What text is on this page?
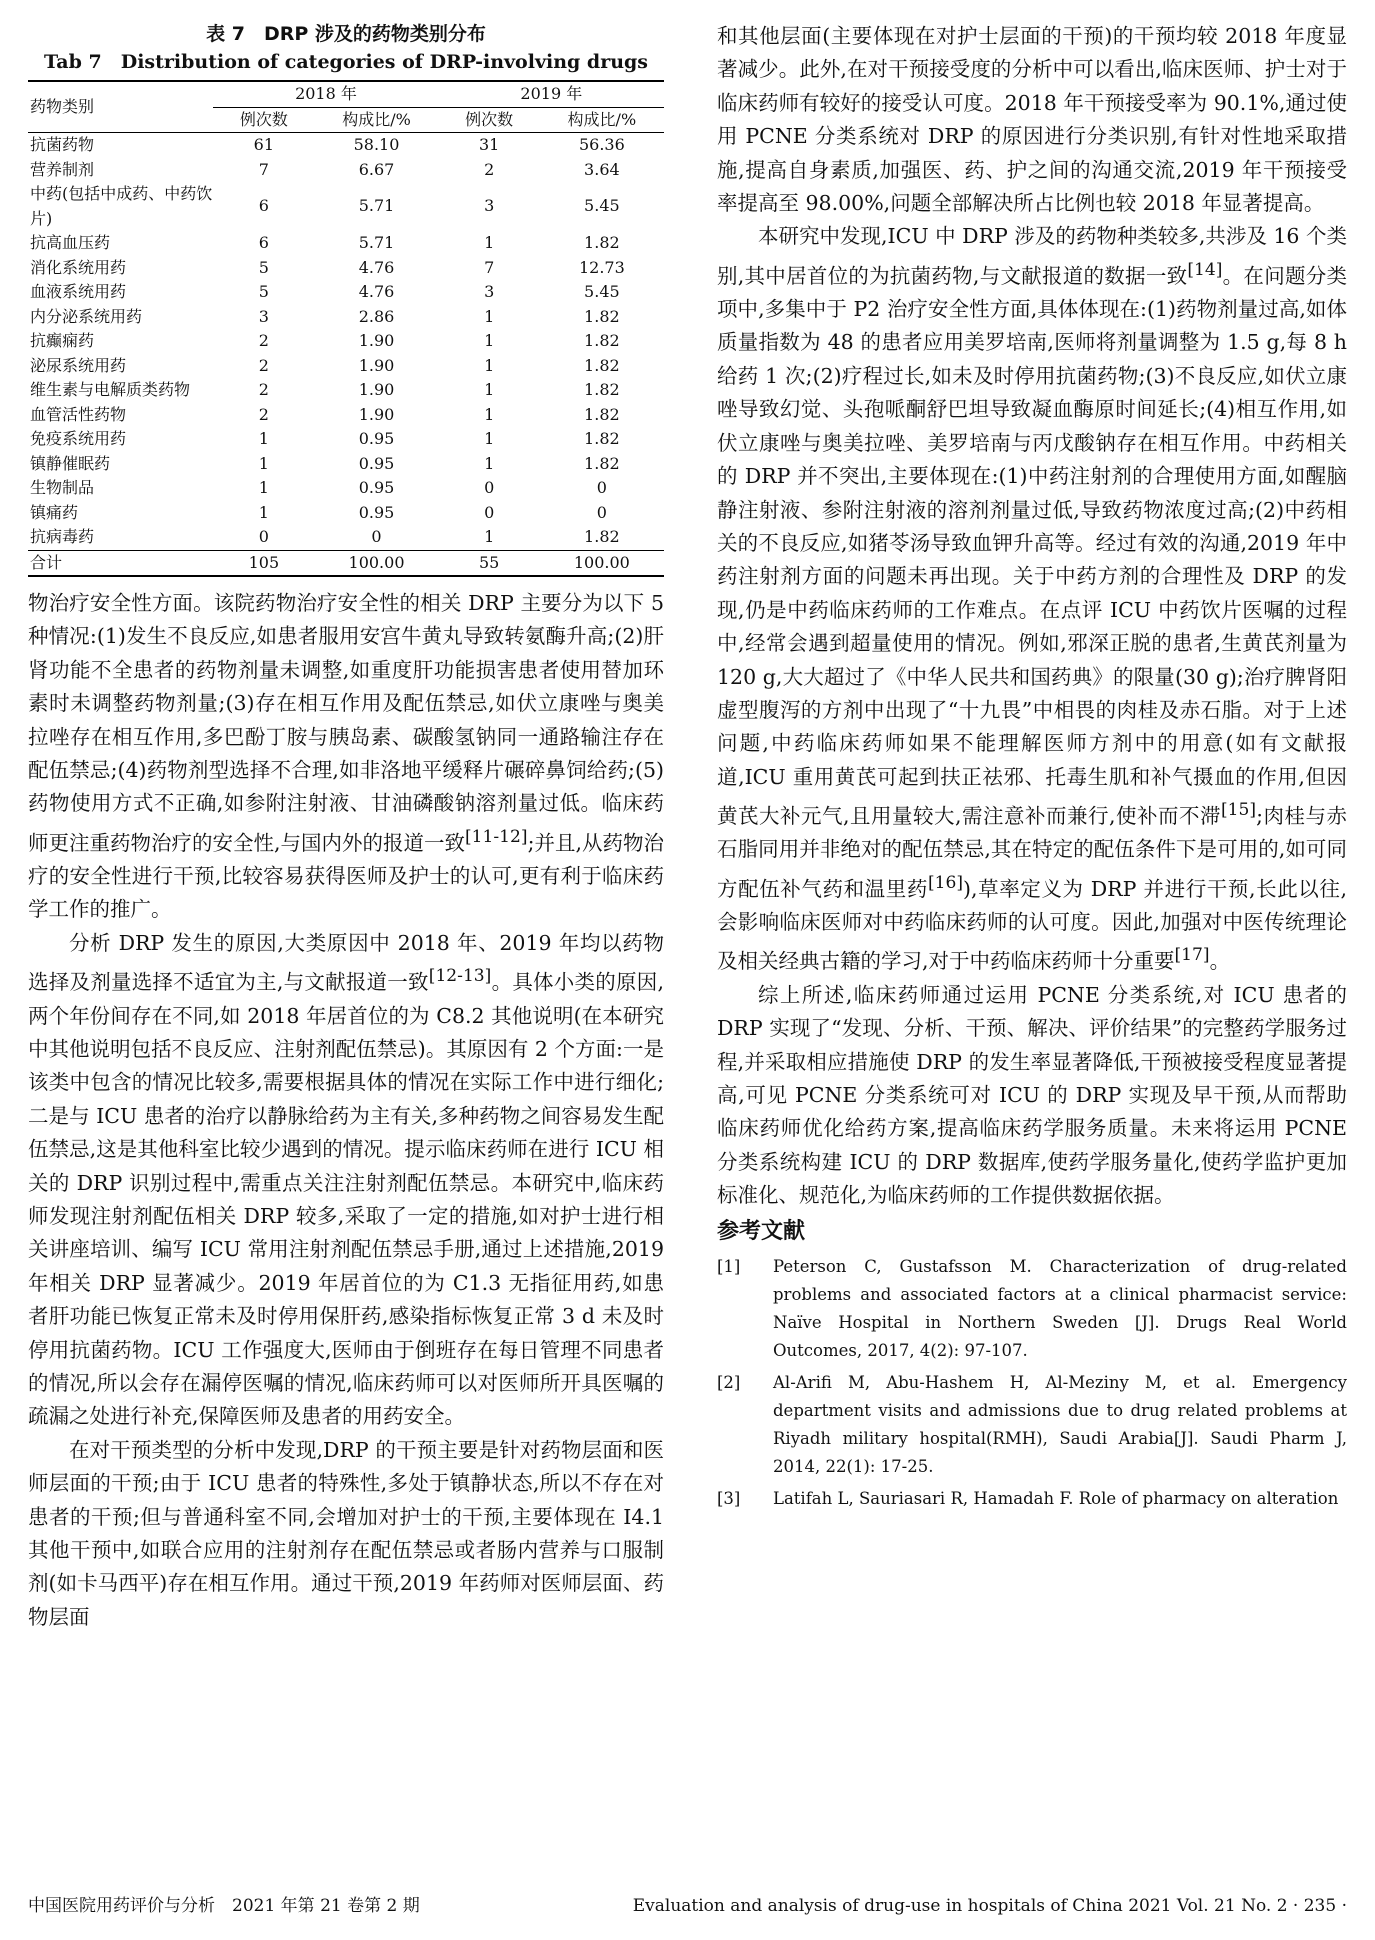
表 7　DRP 涉及的药物类别分布
Tab 7　Distribution of categories of DRP-involving drugs
药物类别	2018 年		2019 年	
	例次数	构成比/%	例次数	构成比/%
抗菌药物	61	58.10	31	56.36
营养制剂	7	6.67	2	3.64
中药(包括中成药、中药饮片)	6	5.71	3	5.45
抗高血压药	6	5.71	1	1.82
消化系统用药	5	4.76	7	12.73
血液系统用药	5	4.76	3	5.45
内分泌系统用药	3	2.86	1	1.82
抗癫痫药	2	1.90	1	1.82
泌尿系统用药	2	1.90	1	1.82
维生素与电解质类药物	2	1.90	1	1.82
血管活性药物	2	1.90	1	1.82
免疫系统用药	1	0.95	1	1.82
镇静催眠药	1	0.95	1	1.82
生物制品	1	0.95	0	0
镇痛药	1	0.95	0	0
抗病毒药	0	0	1	1.82
合计	105	100.00	55	100.00

物治疗安全性方面。该院药物治疗安全性的相关 DRP 主要分为以下 5 种情况:(1)发生不良反应,如患者服用安宫牛黄丸导致转氨酶升高;(2)肝肾功能不全患者的药物剂量未调整,如重度肝功能损害患者使用替加环素时未调整药物剂量;(3)存在相互作用及配伍禁忌,如伏立康唑与奥美拉唑存在相互作用,多巴酚丁胺与胰岛素、碳酸氢钠同一通路输注存在配伍禁忌;(4)药物剂型选择不合理,如非洛地平缓释片碾碎鼻饲给药;(5)药物使用方式不正确,如参附注射液、甘油磷酸钠溶剂量过低。临床药师更注重药物治疗的安全性,与国内外的报道一致[11-12];并且,从药物治疗的安全性进行干预,比较容易获得医师及护士的认可,更有利于临床药学工作的推广。

分析 DRP 发生的原因,大类原因中 2018 年、2019 年均以药物选择及剂量选择不适宜为主,与文献报道一致[12-13]。具体小类的原因,两个年份间存在不同,如 2018 年居首位的为 C8.2 其他说明(在本研究中其他说明包括不良反应、注射剂配伍禁忌)。其原因有 2 个方面:一是该类中包含的情况比较多,需要根据具体的情况在实际工作中进行细化;二是与 ICU 患者的治疗以静脉给药为主有关,多种药物之间容易发生配伍禁忌,这是其他科室比较少遇到的情况。提示临床药师在进行 ICU 相关的 DRP 识别过程中,需重点关注注射剂配伍禁忌。本研究中,临床药师发现注射剂配伍相关 DRP 较多,采取了一定的措施,如对护士进行相关讲座培训、编写 ICU 常用注射剂配伍禁忌手册,通过上述措施,2019 年相关 DRP 显著减少。2019 年居首位的为 C1.3 无指征用药,如患者肝功能已恢复正常未及时停用保肝药,感染指标恢复正常 3 d 未及时停用抗菌药物。ICU 工作强度大,医师由于倒班存在每日管理不同患者的情况,所以会存在漏停医嘱的情况,临床药师可以对医师所开具医嘱的疏漏之处进行补充,保障医师及患者的用药安全。

在对干预类型的分析中发现,DRP 的干预主要是针对药物层面和医师层面的干预;由于 ICU 患者的特殊性,多处于镇静状态,所以不存在对患者的干预;但与普通科室不同,会增加对护士的干预,主要体现在 I4.1 其他干预中,如联合应用的注射剂存在配伍禁忌或者肠内营养与口服制剂(如卡马西平)存在相互作用。通过干预,2019 年药师对医师层面、药物层面

和其他层面(主要体现在对护士层面的干预)的干预均较 2018 年度显著减少。此外,在对干预接受度的分析中可以看出,临床医师、护士对于临床药师有较好的接受认可度。2018 年干预接受率为 90.1%,通过使用 PCNE 分类系统对 DRP 的原因进行分类识别,有针对性地采取措施,提高自身素质,加强医、药、护之间的沟通交流,2019 年干预接受率提高至 98.00%,问题全部解决所占比例也较 2018 年显著提高。

本研究中发现,ICU 中 DRP 涉及的药物种类较多,共涉及 16 个类别,其中居首位的为抗菌药物,与文献报道的数据一致[14]。在问题分类项中,多集中于 P2 治疗安全性方面,具体体现在:(1)药物剂量过高,如体质量指数为 48 的患者应用美罗培南,医师将剂量调整为 1.5 g,每 8 h 给药 1 次;(2)疗程过长,如未及时停用抗菌药物;(3)不良反应,如伏立康唑导致幻觉、头孢哌酮舒巴坦导致凝血酶原时间延长;(4)相互作用,如伏立康唑与奥美拉唑、美罗培南与丙戊酸钠存在相互作用。中药相关的 DRP 并不突出,主要体现在:(1)中药注射剂的合理使用方面,如醒脑静注射液、参附注射液的溶剂剂量过低,导致药物浓度过高;(2)中药相关的不良反应,如猪苓汤导致血钾升高等。经过有效的沟通,2019 年中药注射剂方面的问题未再出现。关于中药方剂的合理性及 DRP 的发现,仍是中药临床药师的工作难点。在点评 ICU 中药饮片医嘱的过程中,经常会遇到超量使用的情况。例如,邪深正脱的患者,生黄芪剂量为 120 g,大大超过了《中华人民共和国药典》的限量(30 g);治疗脾肾阳虚型腹泻的方剂中出现了“十九畏”中相畏的肉桂及赤石脂。对于上述问题,中药临床药师如果不能理解医师方剂中的用意(如有文献报道,ICU 重用黄芪可起到扶正祛邪、托毒生肌和补气摄血的作用,但因黄芪大补元气,且用量较大,需注意补而兼行,使补而不滞[15];肉桂与赤石脂同用并非绝对的配伍禁忌,其在特定的配伍条件下是可用的,如可同方配伍补气药和温里药[16]),草率定义为 DRP 并进行干预,长此以往,会影响临床医师对中药临床药师的认可度。因此,加强对中医传统理论及相关经典古籍的学习,对于中药临床药师十分重要[17]。

综上所述,临床药师通过运用 PCNE 分类系统,对 ICU 患者的 DRP 实现了“发现、分析、干预、解决、评价结果”的完整药学服务过程,并采取相应措施使 DRP 的发生率显著降低,干预被接受程度显著提高,可见 PCNE 分类系统可对 ICU 的 DRP 实现及早干预,从而帮助临床药师优化给药方案,提高临床药学服务质量。未来将运用 PCNE 分类系统构建 ICU 的 DRP 数据库,使药学服务量化,使药学监护更加标准化、规范化,为临床药师的工作提供数据依据。

参考文献
[1]	Peterson C, Gustafsson M. Characterization of drug-related problems and associated factors at a clinical pharmacist service: Naïve Hospital in Northern Sweden [J]. Drugs Real World Outcomes, 2017, 4(2): 97-107.
[2]	Al-Arifi M, Abu-Hashem H, Al-Meziny M, et al. Emergency department visits and admissions due to drug related problems at Riyadh military hospital(RMH), Saudi Arabia[J]. Saudi Pharm J, 2014, 22(1): 17-25.
[3]	Latifah L, Sauriasari R, Hamadah F. Role of pharmacy on alteration
中国医院用药评价与分析　2021 年第 21 卷第 2 期	Evaluation and analysis of drug-use in hospitals of China 2021 Vol. 21 No. 2 · 235 ·
